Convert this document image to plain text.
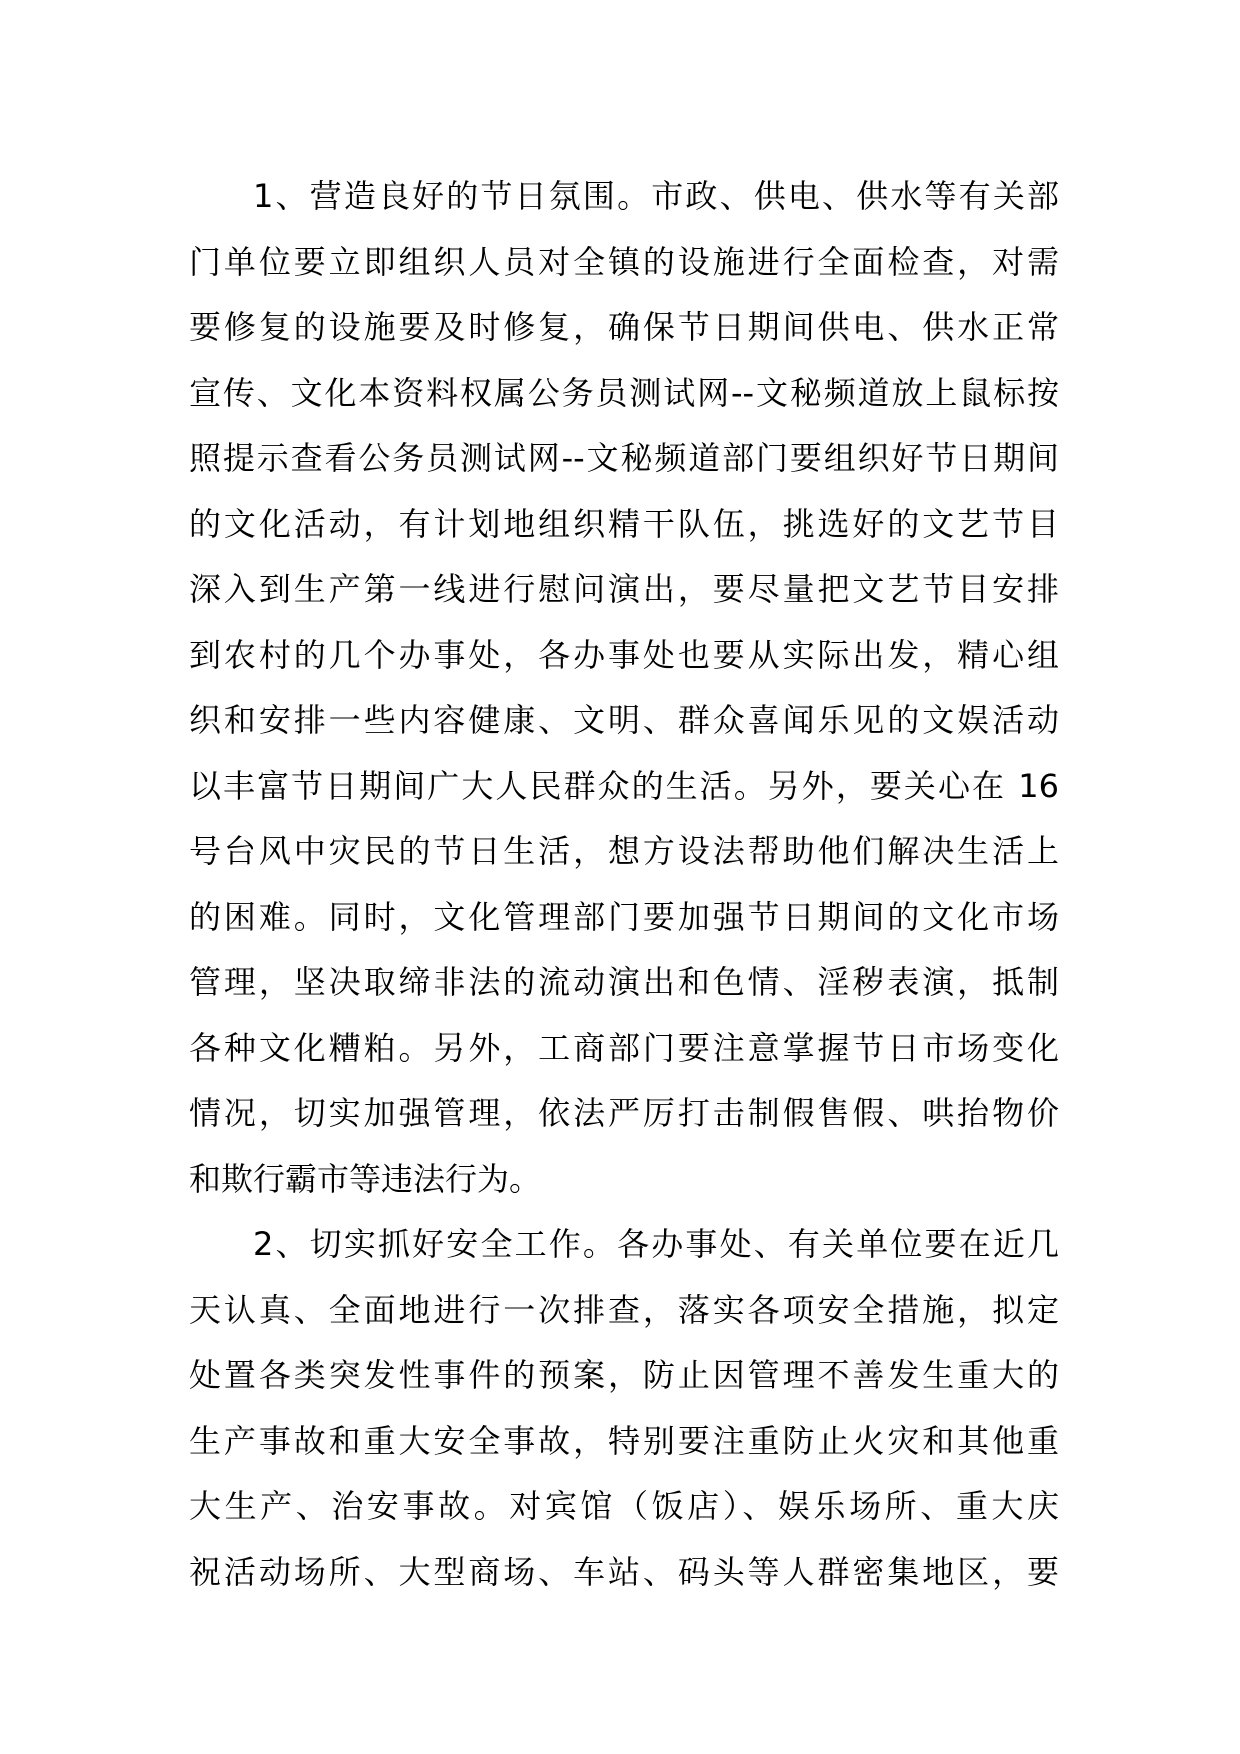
1、营造良好的节日氛围。市政、供电、供水等有关部
门单位要立即组织人员对全镇的设施进行全面检查，对需
要修复的设施要及时修复，确保节日期间供电、供水正常
宣传、文化本资料权属公务员测试网--文秘频道放上鼠标按
照提示查看公务员测试网--文秘频道部门要组织好节日期间
的文化活动，有计划地组织精干队伍，挑选好的文艺节目
深入到生产第一线进行慰问演出，要尽量把文艺节目安排
到农村的几个办事处，各办事处也要从实际出发，精心组
织和安排一些内容健康、文明、群众喜闻乐见的文娱活动
以丰富节日期间广大人民群众的生活。另外，要关心在 16
号台风中灾民的节日生活，想方设法帮助他们解决生活上
的困难。同时，文化管理部门要加强节日期间的文化市场
管理，坚决取缔非法的流动演出和色情、淫秽表演，抵制
各种文化糟粕。另外，工商部门要注意掌握节日市场变化
情况，切实加强管理，依法严厉打击制假售假、哄抬物价
和欺行霸市等违法行为。
2、切实抓好安全工作。各办事处、有关单位要在近几
天认真、全面地进行一次排查，落实各项安全措施，拟定
处置各类突发性事件的预案，防止因管理不善发生重大的
生产事故和重大安全事故，特别要注重防止火灾和其他重
大生产、治安事故。对宾馆（饭店）、娱乐场所、重大庆
祝活动场所、大型商场、车站、码头等人群密集地区，要
